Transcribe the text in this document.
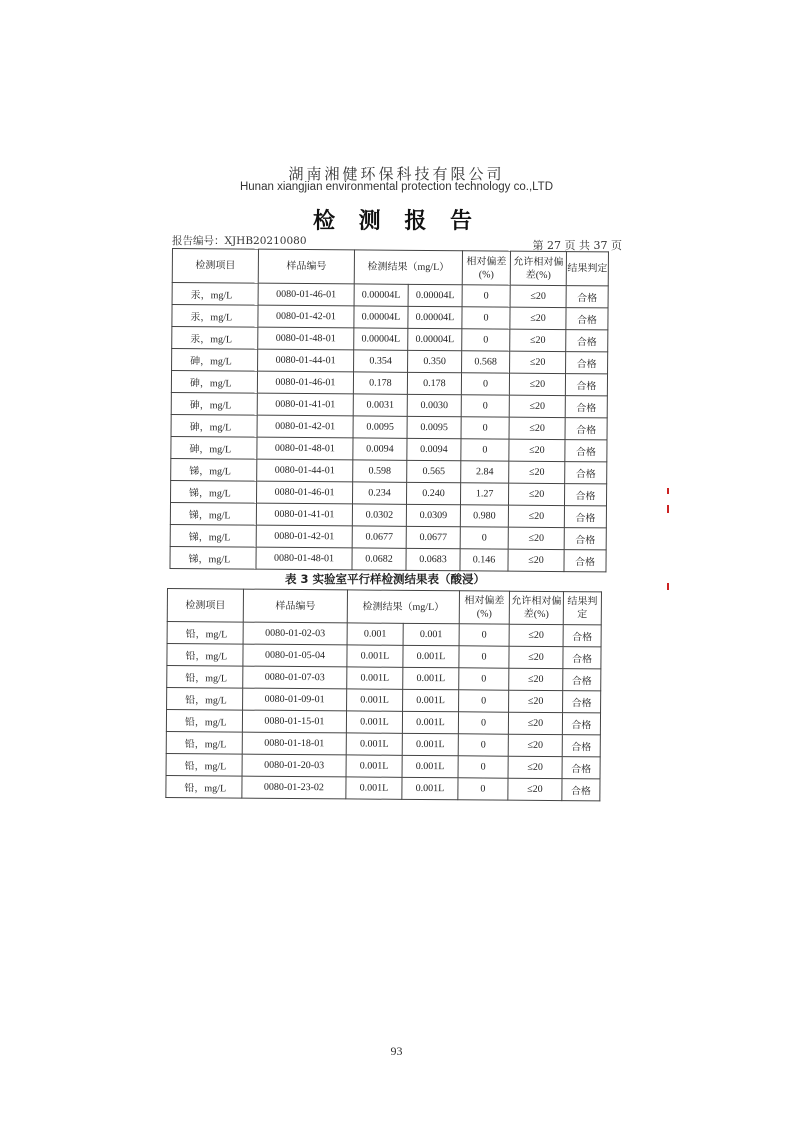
湖南湘健环保科技有限公司
Hunan xiangjian environmental protection technology co.,LTD
检 测 报 告
报告编号：XJHB20210080	第 27 页 共 37 页
检测项目	样品编号	检测结果（mg/L）		相对偏差(%)	允许相对偏差(%)	结果判定
汞，mg/L	0080-01-46-01	0.00004L	0.00004L	0	≤20	合格
汞，mg/L	0080-01-42-01	0.00004L	0.00004L	0	≤20	合格
汞，mg/L	0080-01-48-01	0.00004L	0.00004L	0	≤20	合格
砷，mg/L	0080-01-44-01	0.354	0.350	0.568	≤20	合格
砷，mg/L	0080-01-46-01	0.178	0.178	0	≤20	合格
砷，mg/L	0080-01-41-01	0.0031	0.0030	0	≤20	合格
砷，mg/L	0080-01-42-01	0.0095	0.0095	0	≤20	合格
砷，mg/L	0080-01-48-01	0.0094	0.0094	0	≤20	合格
锑，mg/L	0080-01-44-01	0.598	0.565	2.84	≤20	合格
锑，mg/L	0080-01-46-01	0.234	0.240	1.27	≤20	合格
锑，mg/L	0080-01-41-01	0.0302	0.0309	0.980	≤20	合格
锑，mg/L	0080-01-42-01	0.0677	0.0677	0	≤20	合格
锑，mg/L	0080-01-48-01	0.0682	0.0683	0.146	≤20	合格
表 3 实验室平行样检测结果表（酸浸）
检测项目	样品编号	检测结果（mg/L）		相对偏差(%)	允许相对偏差(%)	结果判定
铅，mg/L	0080-01-02-03	0.001	0.001	0	≤20	合格
铅，mg/L	0080-01-05-04	0.001L	0.001L	0	≤20	合格
铅，mg/L	0080-01-07-03	0.001L	0.001L	0	≤20	合格
铅，mg/L	0080-01-09-01	0.001L	0.001L	0	≤20	合格
铅，mg/L	0080-01-15-01	0.001L	0.001L	0	≤20	合格
铅，mg/L	0080-01-18-01	0.001L	0.001L	0	≤20	合格
铅，mg/L	0080-01-20-03	0.001L	0.001L	0	≤20	合格
铅，mg/L	0080-01-23-02	0.001L	0.001L	0	≤20	合格
93
